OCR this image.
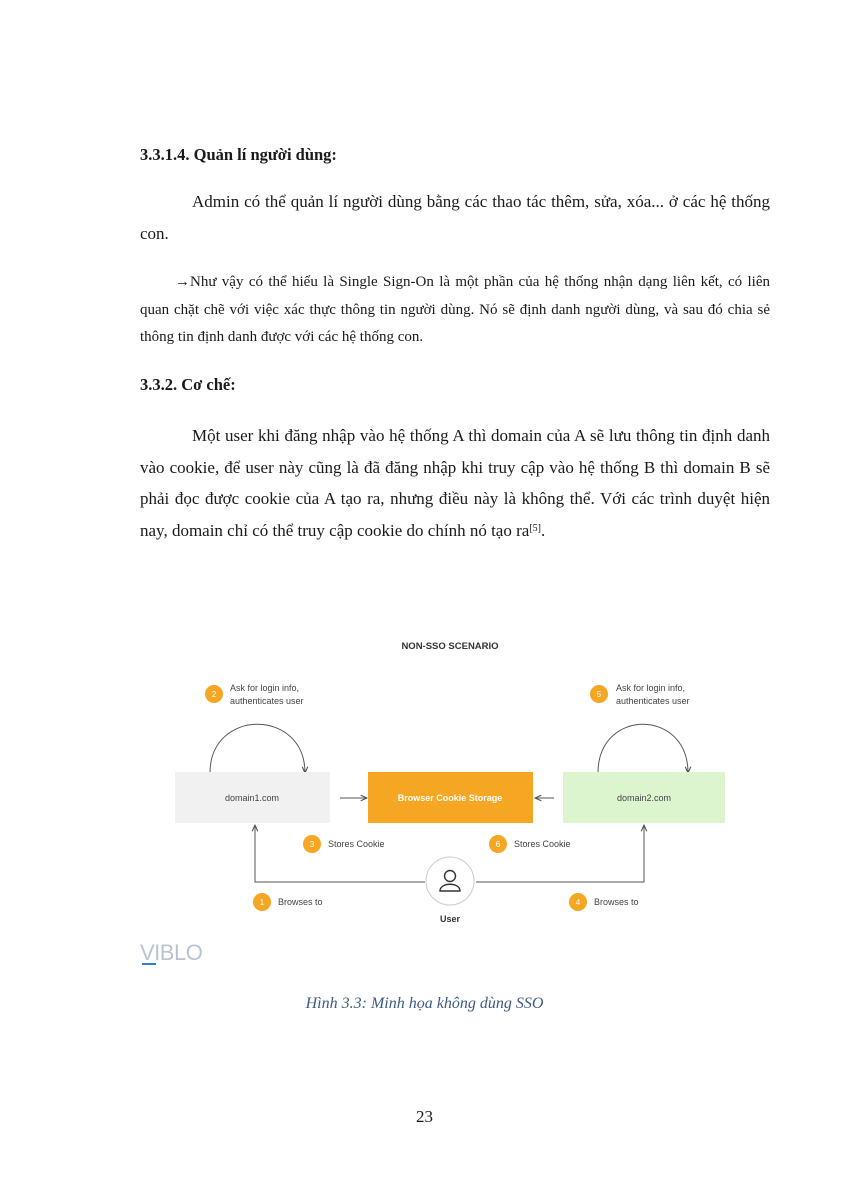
3.3.1.4. Quản lí người dùng:
Admin có thể quản lí người dùng bằng các thao tác thêm, sửa, xóa... ở các hệ thống con.
→Như vậy có thể hiểu là Single Sign-On là một phần của hệ thống nhận dạng liên kết, có liên quan chặt chẽ với việc xác thực thông tin người dùng. Nó sẽ định danh người dùng, và sau đó chia sẻ thông tin định danh được với các hệ thống con.
3.3.2. Cơ chế:
Một user khi đăng nhập vào hệ thống A thì domain của A sẽ lưu thông tin định danh vào cookie, để user này cũng là đã đăng nhập khi truy cập vào hệ thống B thì domain B sẽ phải đọc được cookie của A tạo ra, nhưng điều này là không thể. Với các trình duyệt hiện nay, domain chỉ có thể truy cập cookie do chính nó tạo ra[5].
NON-SSO SCENARIO
2
Ask for login info,
authenticates user
5
Ask for login info,
authenticates user
domain1.com	Browser Cookie Storage	domain2.com
3 Stores Cookie	6 Stores Cookie
User
1 Browses to	4 Browses to
VIBLO
Hình 3.3: Minh họa không dùng SSO
23
